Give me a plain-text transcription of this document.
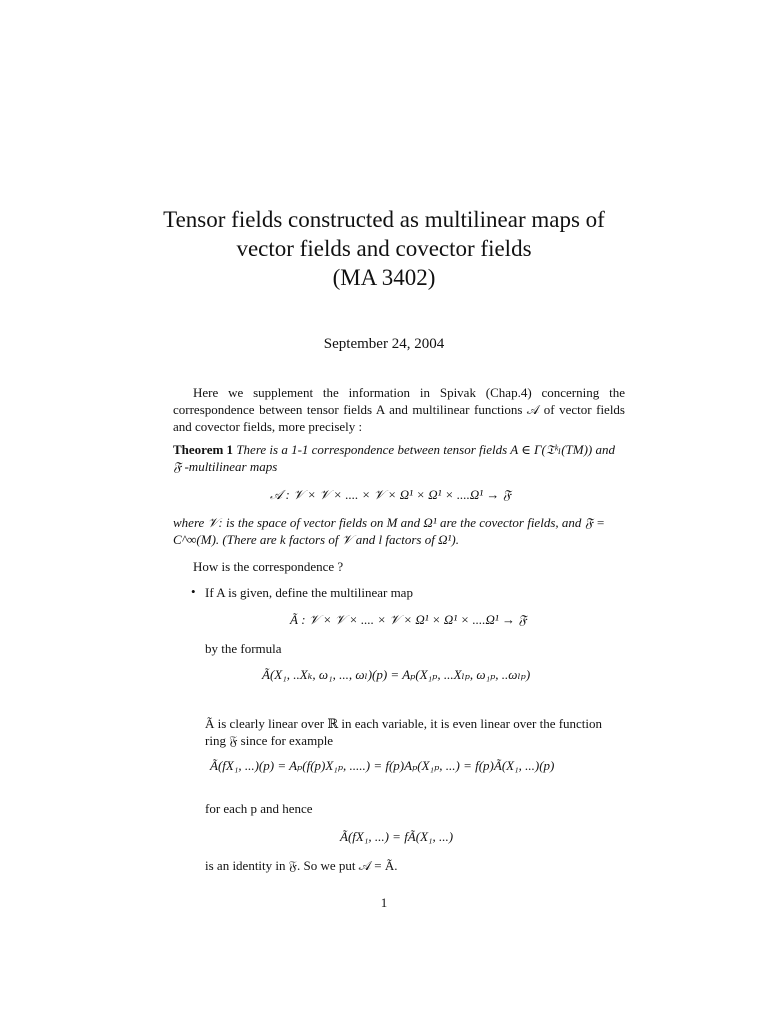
Tensor fields constructed as multilinear maps of
vector fields and covector fields
(MA 3402)
September 24, 2004
Here we supplement the information in Spivak (Chap.4) concerning the correspondence between tensor fields A and multilinear functions 𝒜 of vector fields and covector fields, more precisely :
Theorem 1 There is a 1-1 correspondence between tensor fields A ∈ Γ(𝔗ᵏₗ(TM)) and 𝔉 -multilinear maps
𝒜 : 𝒱 × 𝒱 × .... × 𝒱 × Ω¹ × Ω¹ × ....Ω¹ → 𝔉
where 𝒱: is the space of vector fields on M and Ω¹ are the covector fields, and 𝔉 = C^∞(M). (There are k factors of 𝒱 and l factors of Ω¹).
How is the correspondence ?
• If A is given, define the multilinear map
Ã : 𝒱 × 𝒱 × .... × 𝒱 × Ω¹ × Ω¹ × ....Ω¹ → 𝔉
by the formula
Ã(X₁, ..Xₖ, ω₁, ..., ωₗ)(p) = Aₚ(X₁ₚ, ...Xₗₚ, ω₁ₚ, ..ωₗₚ)
Ã is clearly linear over ℝ in each variable, it is even linear over the function ring 𝔉 since for example
Ã(fX₁, ...)(p) = Aₚ(f(p)X₁ₚ, .....) = f(p)Aₚ(X₁ₚ, ...) = f(p)Ã(X₁, ...)(p)
for each p and hence
Ã(fX₁, ...) = fÃ(X₁, ...)
is an identity in 𝔉. So we put 𝒜 = Ã.
1
